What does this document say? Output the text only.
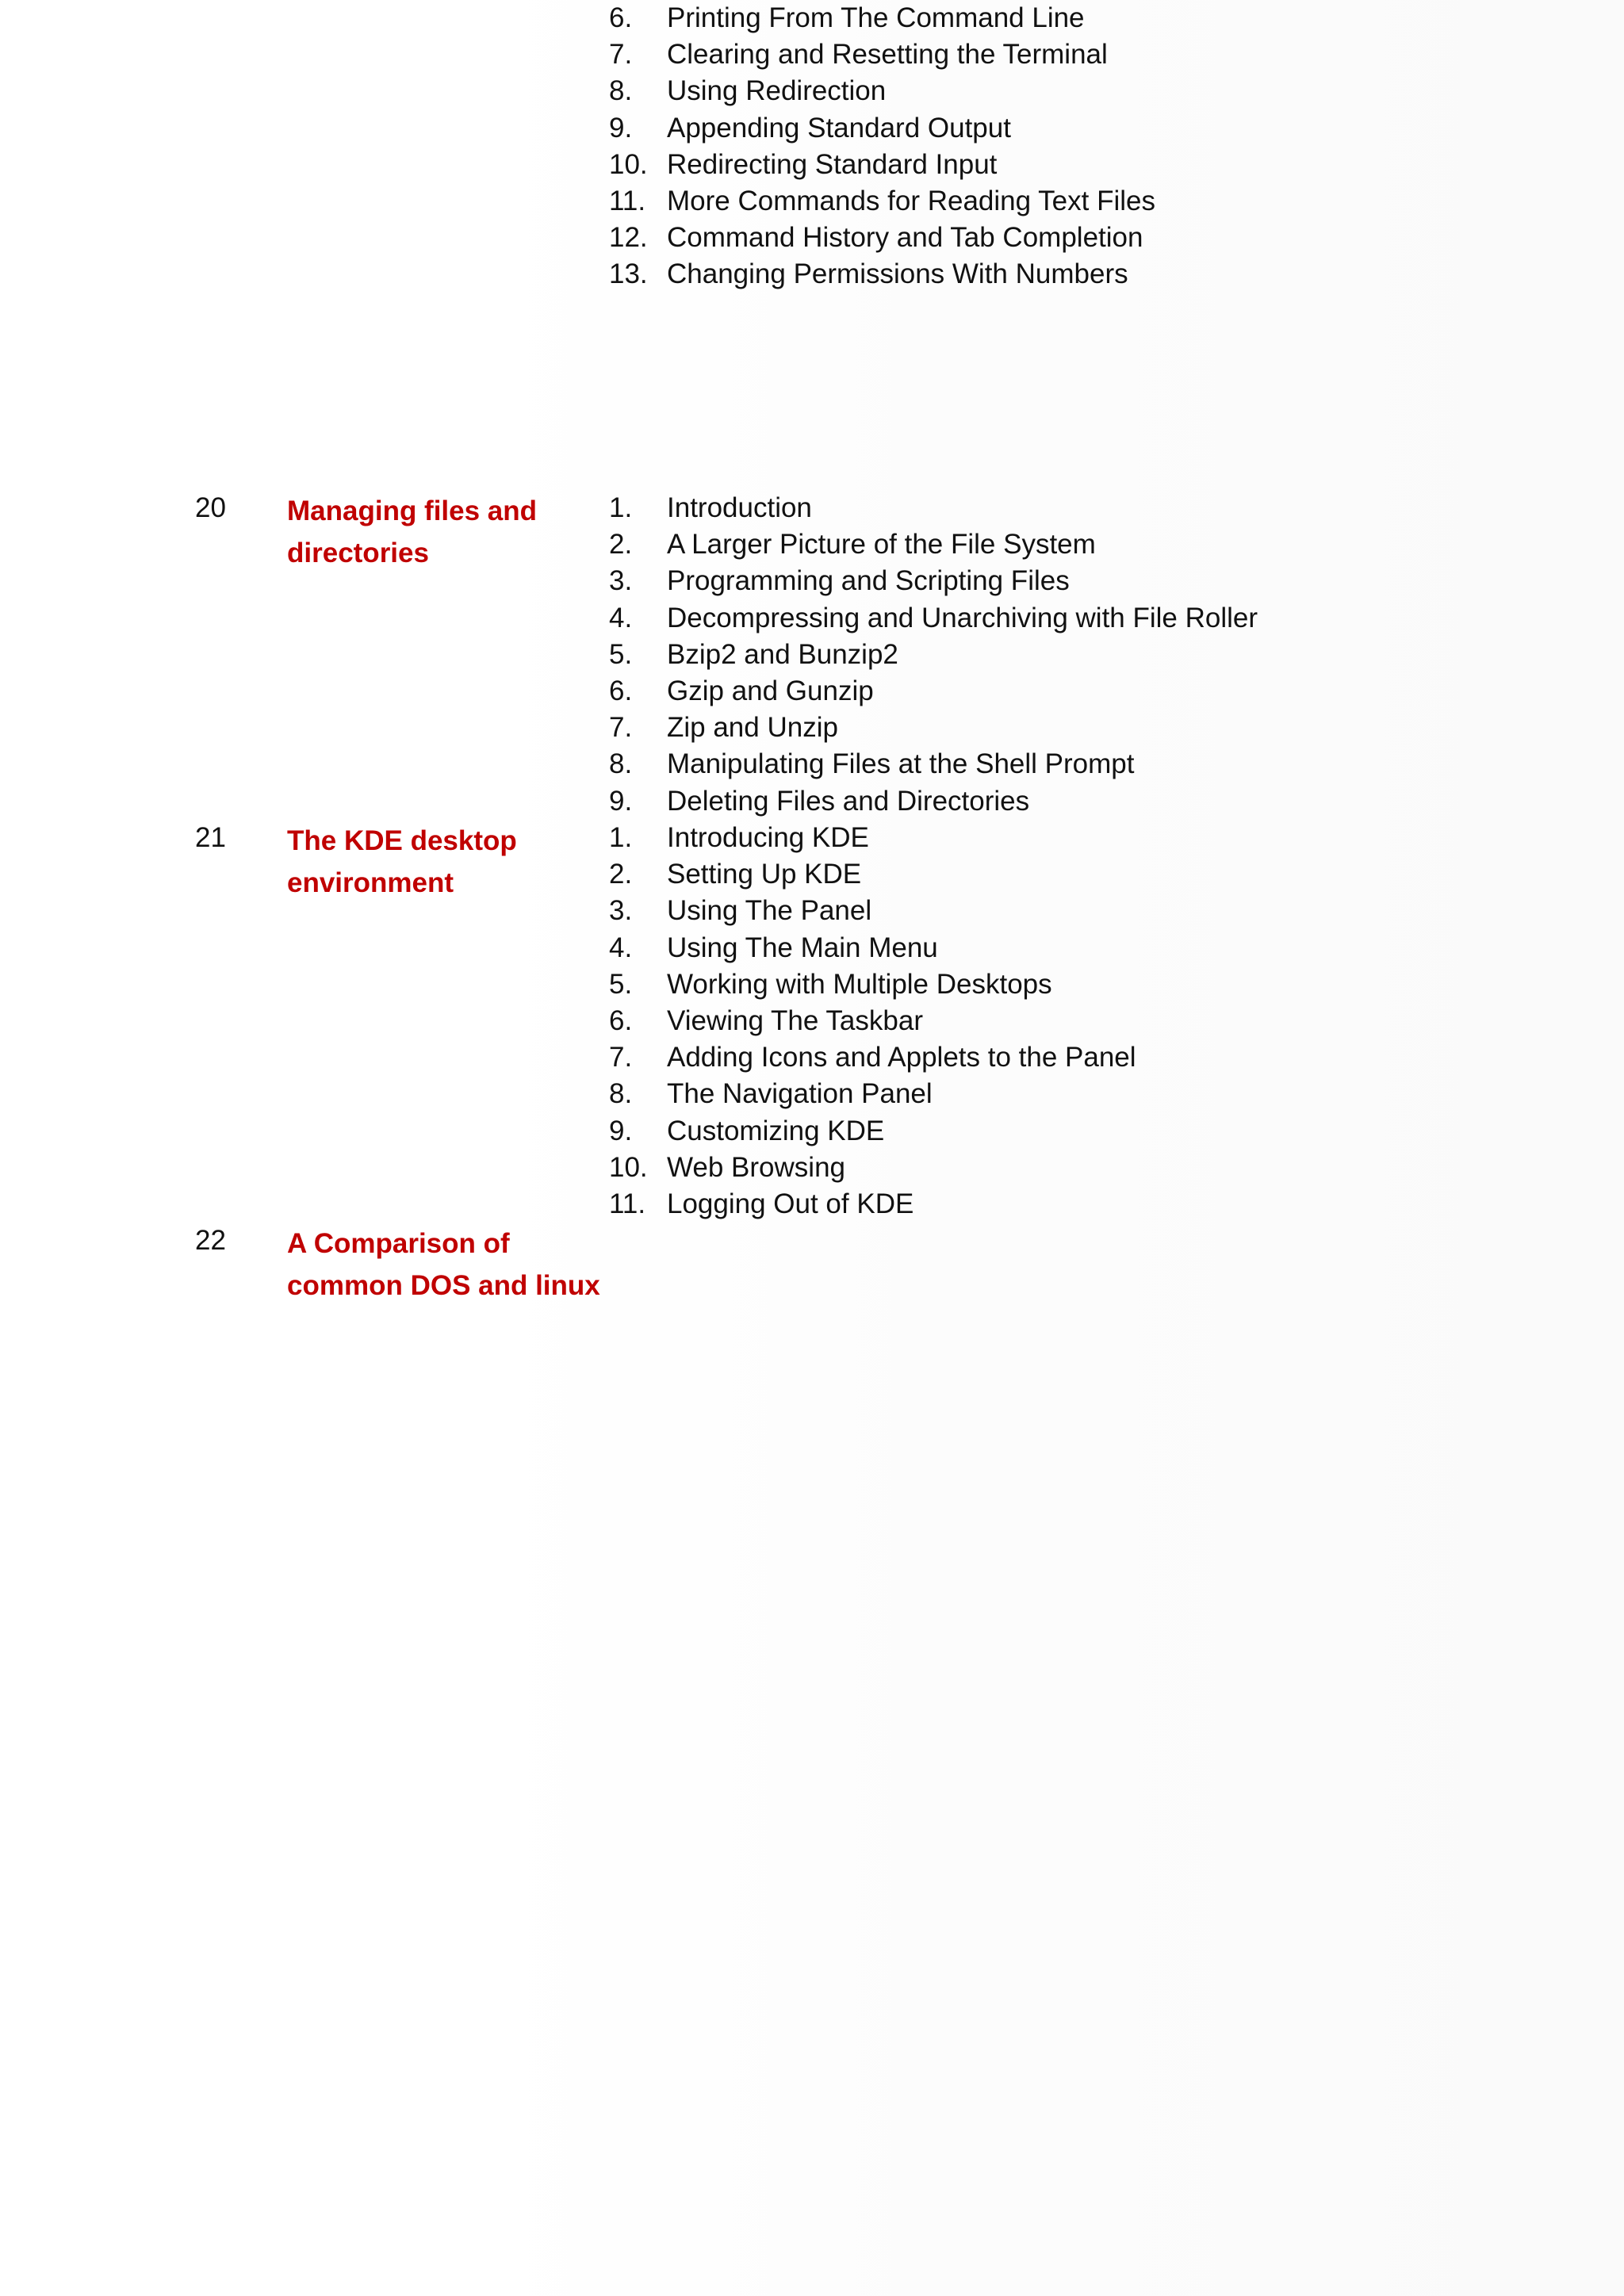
6.	Printing From The Command Line
7.	Clearing and Resetting the Terminal
8.	Using Redirection
9.	Appending Standard Output
10. Redirecting Standard Input
11. More Commands for Reading Text Files
12. Command History and Tab Completion
13. Changing Permissions With Numbers
20 Managing files and directories
1.	Introduction
2.	A Larger Picture of the File System
3.	Programming and Scripting Files
4.	Decompressing and Unarchiving with File Roller
5.	Bzip2 and Bunzip2
6.	Gzip and Gunzip
7.	Zip and Unzip
8.	Manipulating Files at the Shell Prompt
9.	Deleting Files and Directories
21 The KDE desktop environment
1.	Introducing KDE
2.	Setting Up KDE
3.	Using The Panel
4.	Using The Main Menu
5.	Working with Multiple Desktops
6.	Viewing The Taskbar
7.	Adding Icons and Applets to the Panel
8.	The Navigation Panel
9.	Customizing KDE
10. Web Browsing
11. Logging Out of KDE
22 A Comparison of common DOS and linux
